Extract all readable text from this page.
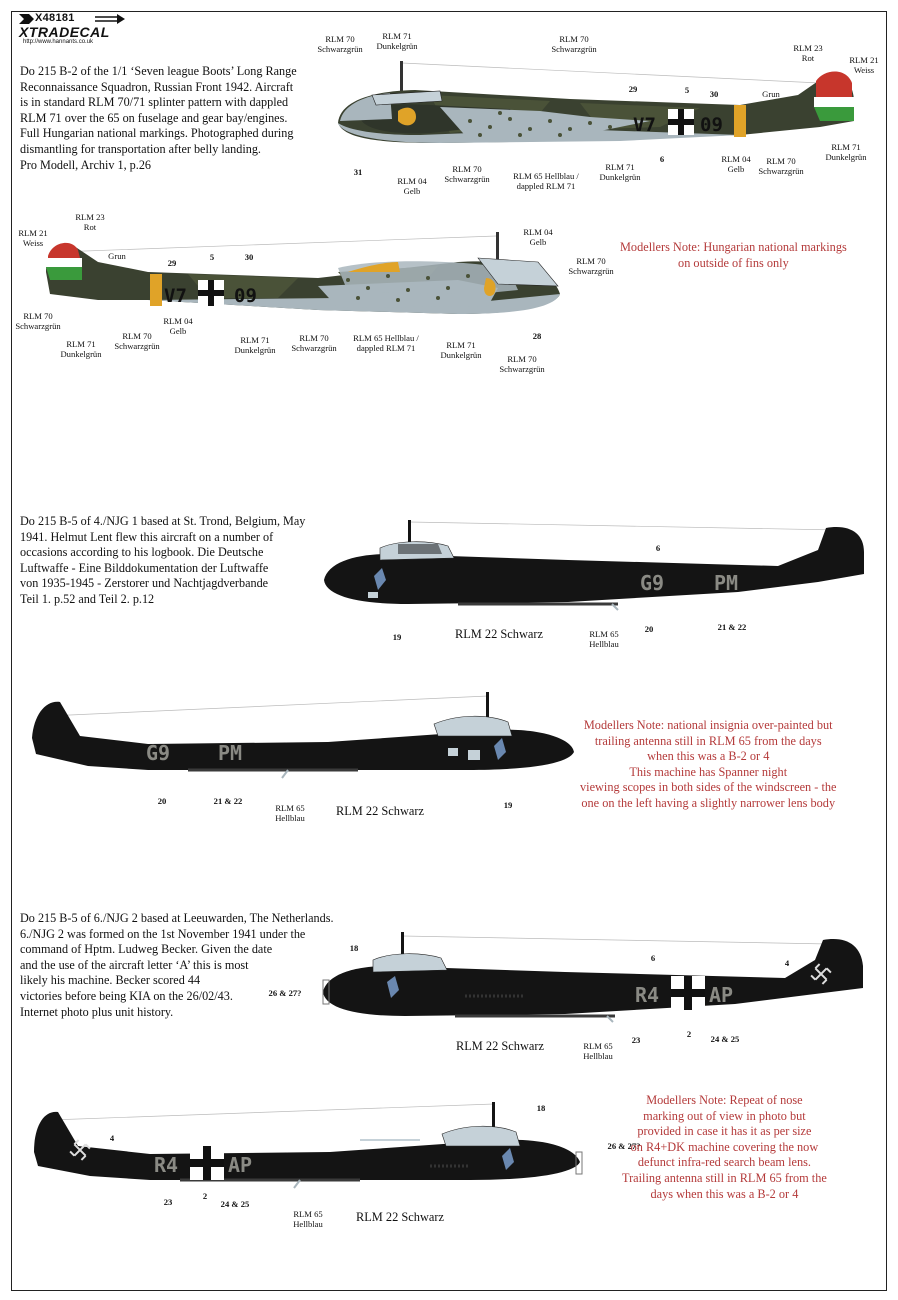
X48181
XTRADECAL
http://www.hannants.co.uk
Do 215 B-2 of the 1/1 ‘Seven league Boots’ Long Range
Reconnaissance Squadron, Russian Front 1942. Aircraft
is in standard RLM 70/71 splinter pattern with dappled
RLM 71 over the 65 on fuselage and gear bay/engines.
Full Hungarian national markings. Photographed during
dismantling for transportation after belly landing.
Pro Modell, Archiv 1, p.26
V7 09
RLM 70
Schwarzgrün
RLM 71
Dunkelgrün
RLM 70
Schwarzgrün	RLM 23
Rot	RLM 21
Weiss
Grun
RLM 71
Dunkelgrün
RLM 70
Schwarzgrün
RLM 04
Gelb
RLM 71
Dunkelgrün
RLM 65 Hellblau /
dappled RLM 71
RLM 70
Schwarzgrün
RLM 04
Gelb
29	5 30
6
31
V7 09
RLM 21
Weiss
RLM 23
Rot
Grun
RLM 70
Schwarzgrün
RLM 71
Dunkelgrün
RLM 70
Schwarzgrün
RLM 04
Gelb
RLM 71
Dunkelgrün
RLM 70
Schwarzgrün
RLM 65 Hellblau /
dappled RLM 71	RLM 71
Dunkelgrün	RLM 70
Schwarzgrün
RLM 04
Gelb
RLM 70
Schwarzgrün
29
5	30
28
Modellers Note: Hungarian national markings
on outside of fins only
Do 215 B-5 of 4./NJG 1 based at St. Trond, Belgium, May
1941. Helmut Lent flew this aircraft on a number of
occasions according to his logbook. Die Deutsche
Luftwaffe - Eine Bilddokumentation der Luftwaffe
von 1935-1945 - Zerstorer und Nachtjagdverbande
Teil 1. p.52 and Teil 2. p.12
G9 PM
6
19
20	21 & 22
RLM 22 Schwarz	RLM 65
Hellblau
G9 PM
20	21 & 22	19
RLM 22 Schwarz
RLM 65
Hellblau
Modellers Note: national insignia over-painted but
trailing antenna still in RLM 65 from the days
when this was a B-2 or 4
This machine has Spanner night
viewing scopes in both sides of the windscreen - the
one on the left having a slightly narrower lens body
Do 215 B-5 of 6./NJG 2 based at Leeuwarden, The Netherlands.
6./NJG 2 was formed on the 1st November 1941 under the
command of Hptm. Ludweg Becker. Given the date
and the use of the aircraft letter ‘A’ this is most
likely his machine. Becker scored 44
victories before being KIA on the 26/02/43.
Internet photo plus unit history.
R4 AP
18
6	4
26 & 27?
23
2 24 & 25
RLM 22 Schwarz	RLM 65
Hellblau
R4 AP
4
18
26 & 27?
23
2
24 & 25
RLM 22 Schwarz
RLM 65
Hellblau
Modellers Note: Repeat of nose
marking out of view in photo but
provided in case it has it as per size
on R4+DK machine covering the now
defunct infra-red search beam lens.
Trailing antenna still in RLM 65 from the
days when this was a B-2 or 4
